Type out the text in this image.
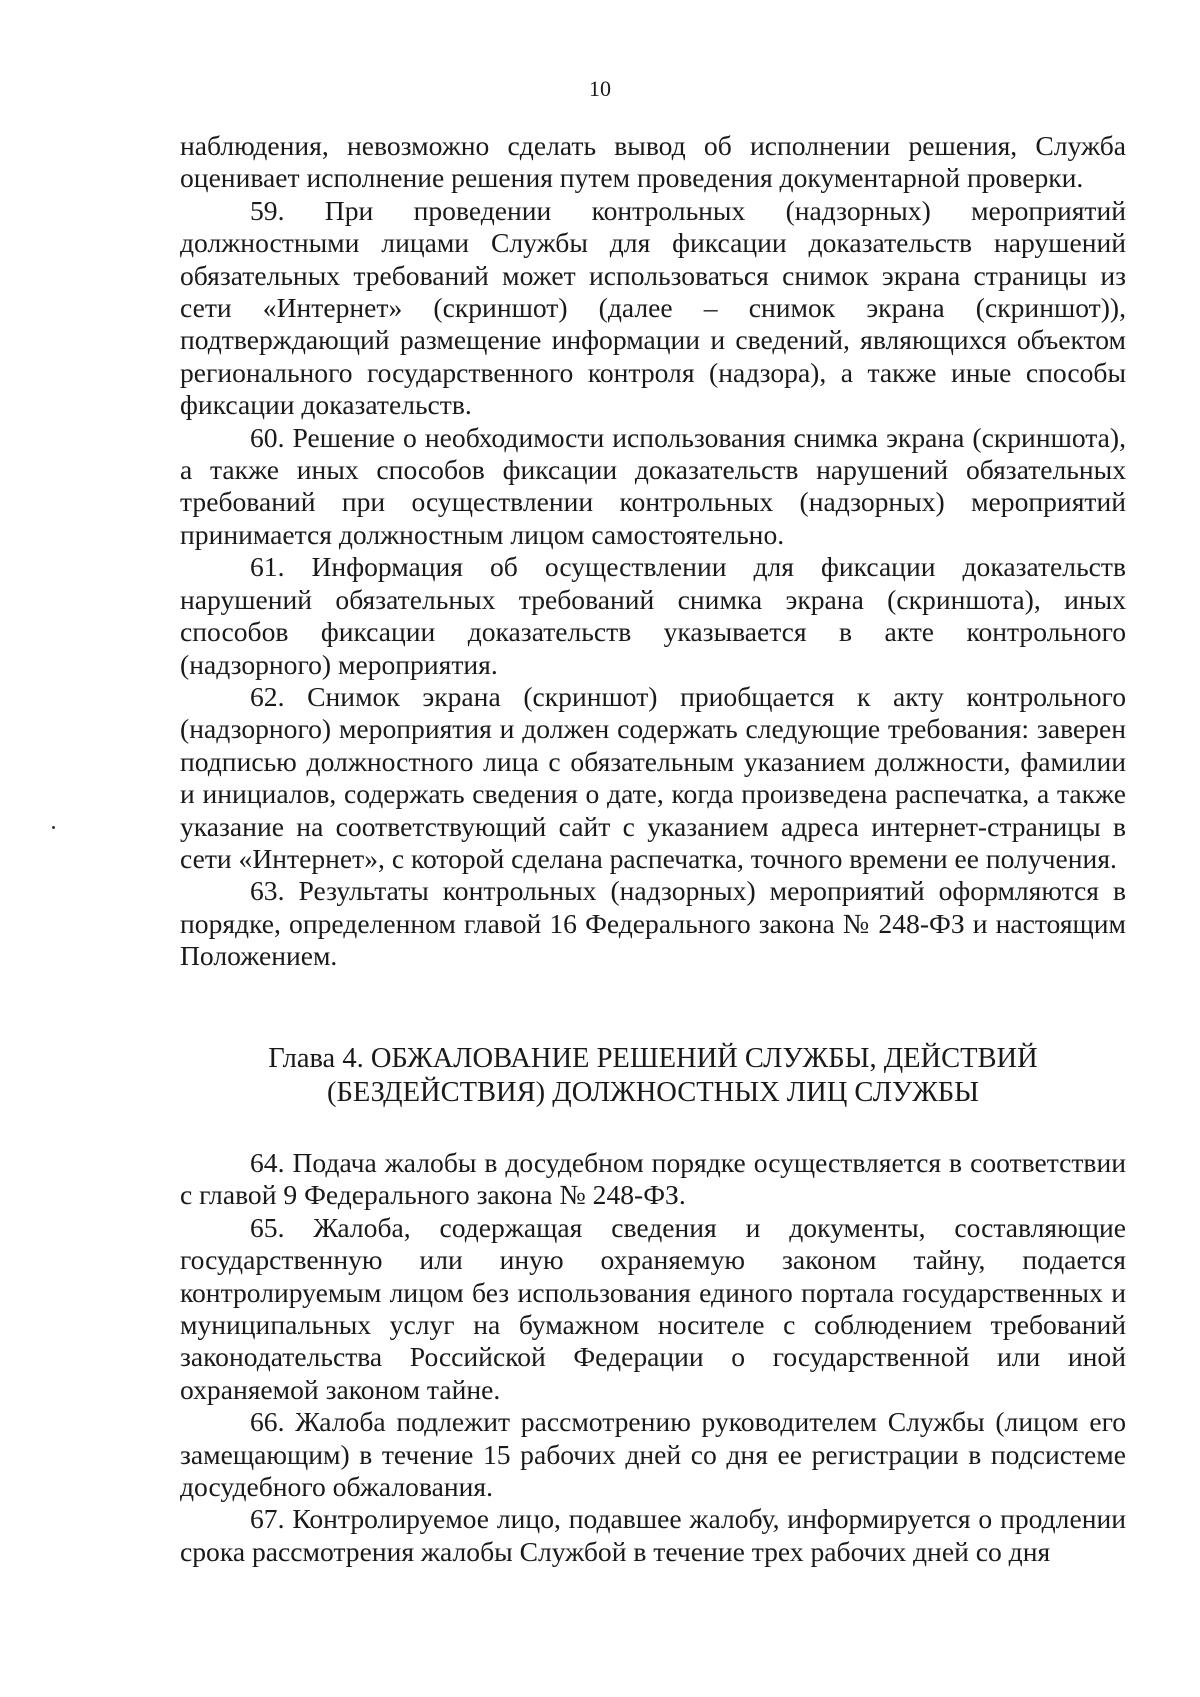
10

наблюдения, невозможно сделать вывод об исполнении решения, Служба оценивает исполнение решения путем проведения документарной проверки.

59. При проведении контрольных (надзорных) мероприятий должностными лицами Службы для фиксации доказательств нарушений обязательных требований может использоваться снимок экрана страницы из сети «Интернет» (скриншот) (далее – снимок экрана (скриншот)), подтверждающий размещение информации и сведений, являющихся объектом регионального государственного контроля (надзора), а также иные способы фиксации доказательств.

60. Решение о необходимости использования снимка экрана (скриншота), а также иных способов фиксации доказательств нарушений обязательных требований при осуществлении контрольных (надзорных) мероприятий принимается должностным лицом самостоятельно.

61. Информация об осуществлении для фиксации доказательств нарушений обязательных требований снимка экрана (скриншота), иных способов фиксации доказательств указывается в акте контрольного (надзорного) мероприятия.

62. Снимок экрана (скриншот) приобщается к акту контрольного (надзорного) мероприятия и должен содержать следующие требования: заверен подписью должностного лица с обязательным указанием должности, фамилии и инициалов, содержать сведения о дате, когда произведена распечатка, а также указание на соответствующий сайт с указанием адреса интернет-страницы в сети «Интернет», с которой сделана распечатка, точного времени ее получения.

63. Результаты контрольных (надзорных) мероприятий оформляются в порядке, определенном главой 16 Федерального закона № 248-ФЗ и настоящим Положением.

Глава 4. ОБЖАЛОВАНИЕ РЕШЕНИЙ СЛУЖБЫ, ДЕЙСТВИЙ
(БЕЗДЕЙСТВИЯ) ДОЛЖНОСТНЫХ ЛИЦ СЛУЖБЫ

64. Подача жалобы в досудебном порядке осуществляется в соответствии с главой 9 Федерального закона № 248-ФЗ.

65. Жалоба, содержащая сведения и документы, составляющие государственную или иную охраняемую законом тайну, подается контролируемым лицом без использования единого портала государственных и муниципальных услуг на бумажном носителе с соблюдением требований законодательства Российской Федерации о государственной или иной охраняемой законом тайне.

66. Жалоба подлежит рассмотрению руководителем Службы (лицом его замещающим) в течение 15 рабочих дней со дня ее регистрации в подсистеме досудебного обжалования.

67. Контролируемое лицо, подавшее жалобу, информируется о продлении срока рассмотрения жалобы Службой в течение трех рабочих дней со дня
